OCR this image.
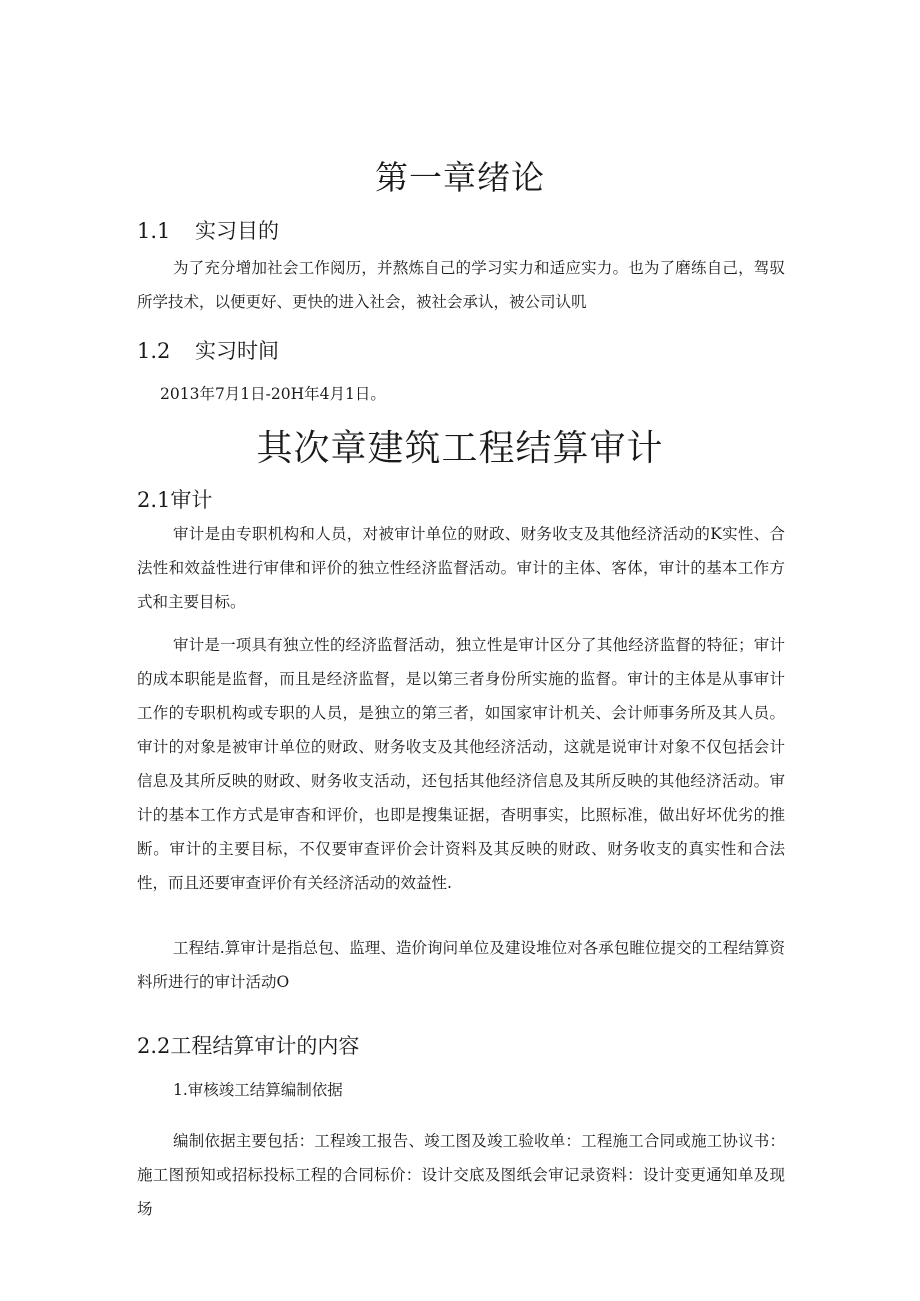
第一章绪论
1.1 实习目的

为了充分增加社会工作阅历，并熬炼自己的学习实力和适应实力。也为了磨练自己，驾驭所学技术，以便更好、更快的进入社会，被社会承认，被公司认叽

1.2 实习时间

2013年7月1日-20H年4月1日。

其次章建筑工程结算审计
2.1审计

审计是由专职机构和人员，对被审计单位的财政、财务收支及其他经济活动的K实性、合法性和效益性进行审侓和评价的独立性经济监督活动。审计的主体、客体，审计的基本工作方式和主要目标。

审计是一项具有独立性的经济监督活动，独立性是审计区分了其他经济监督的特征；审计的成本职能是监督，而且是经济监督，是以第三者身份所实施的监督。审计的主体是从事审计工作的专职机构或专职的人员，是独立的第三者，如国家审计机关、会计师事务所及其人员。审计的对象是被审计单位的财政、财务收支及其他经济活动，这就是说审计对象不仅包括会计信息及其所反映的财政、财务收支活动，还包括其他经济信息及其所反映的其他经济活动。审计的基本工作方式是审杳和评价，也即是搜集证据，杳明事实，比照标准，做出好坏优劣的推断。审计的主要目标，不仅要审查评价会计资料及其反映的财政、财务收支的真实性和合法性，而且还要审查评价有关经济活动的效益性.

工程结.算审计是指总包、监理、造价询问单位及建设堆位对各承包睢位提交的工程结算资料所进行的审计活动O

2.2工程结算审计的内容

1.审核竣工结算编制依据

编制依据主要包括：工程竣工报告、竣工图及竣工验收单：工程施工合同或施工协议书：施工图预知或招标投标工程的合同标价：设计交底及图纸会审记录资料：设计变更通知单及现场
